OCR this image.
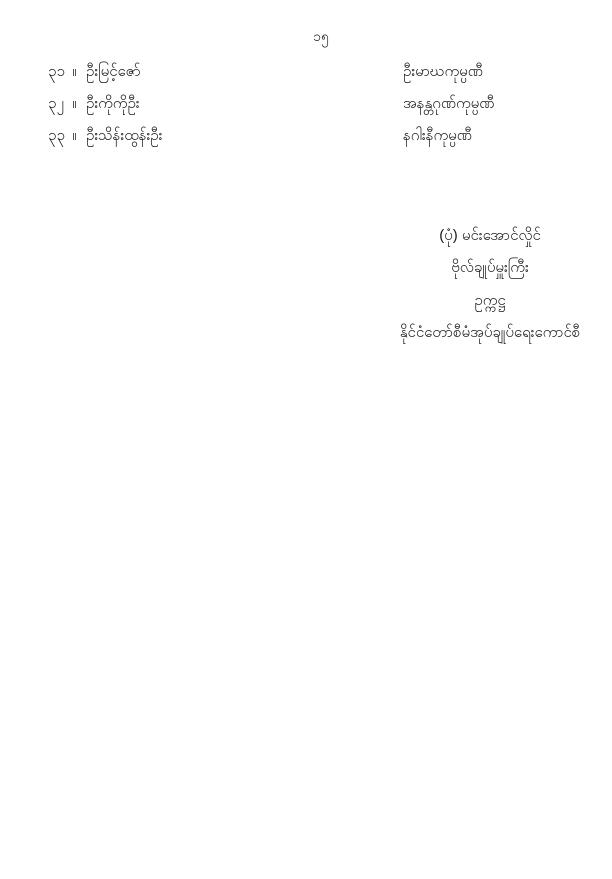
၁၅
၃၁ ။ ဦးမြင့်ဇော်	ဦးမာဃကုမ္ပဏီ
၃၂ ။ ဦးကိုကိုဦး	အနန္တဂုဏ်ကုမ္ပဏီ
၃၃ ။ ဦးသိန်းထွန်းဦး	နဂါးနီကုမ္ပဏီ
(ပုံ) မင်းအောင်လှိုင်
ဗိုလ်ချုပ်မှူးကြီး
ဥက္ကဋ္ဌ
နိုင်ငံတော်စီမံအုပ်ချုပ်ရေးကောင်စီ
